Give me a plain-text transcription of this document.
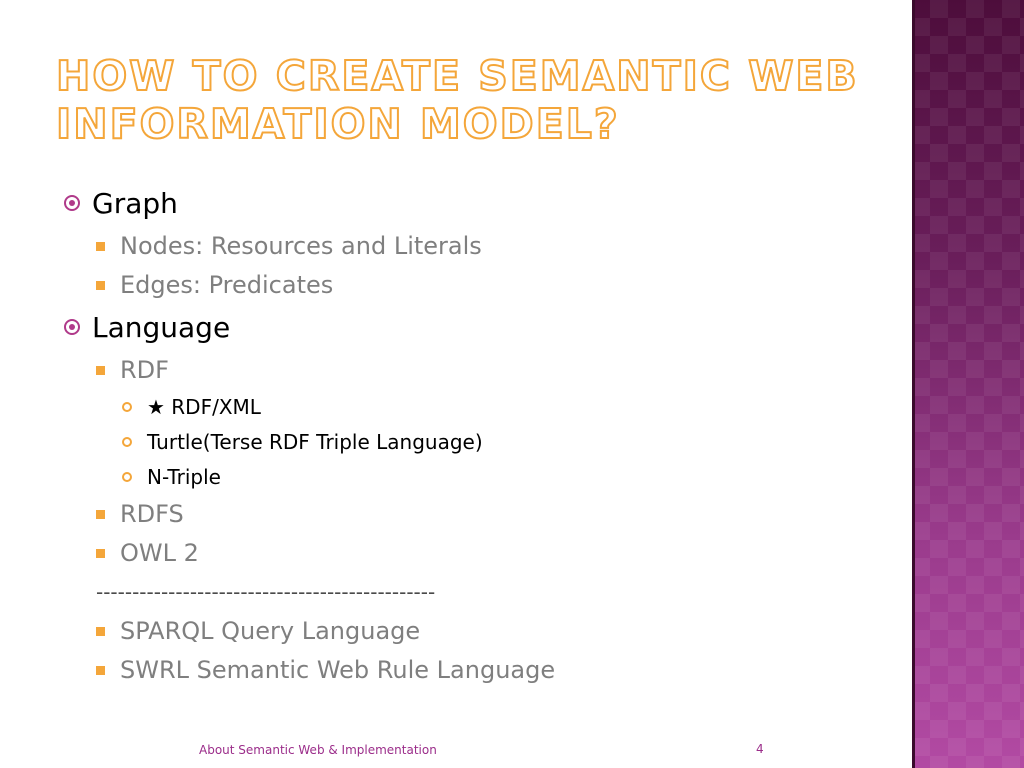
HOW TO CREATE SEMANTIC WEB INFORMATION MODEL?
Graph
Nodes: Resources and Literals
Edges: Predicates
Language
RDF
★ RDF/XML
Turtle(Terse RDF Triple Language)
N-Triple
RDFS
OWL 2
-----------------------------------------------
SPARQL Query Language
SWRL Semantic Web Rule Language
About Semantic Web & Implementation	4
